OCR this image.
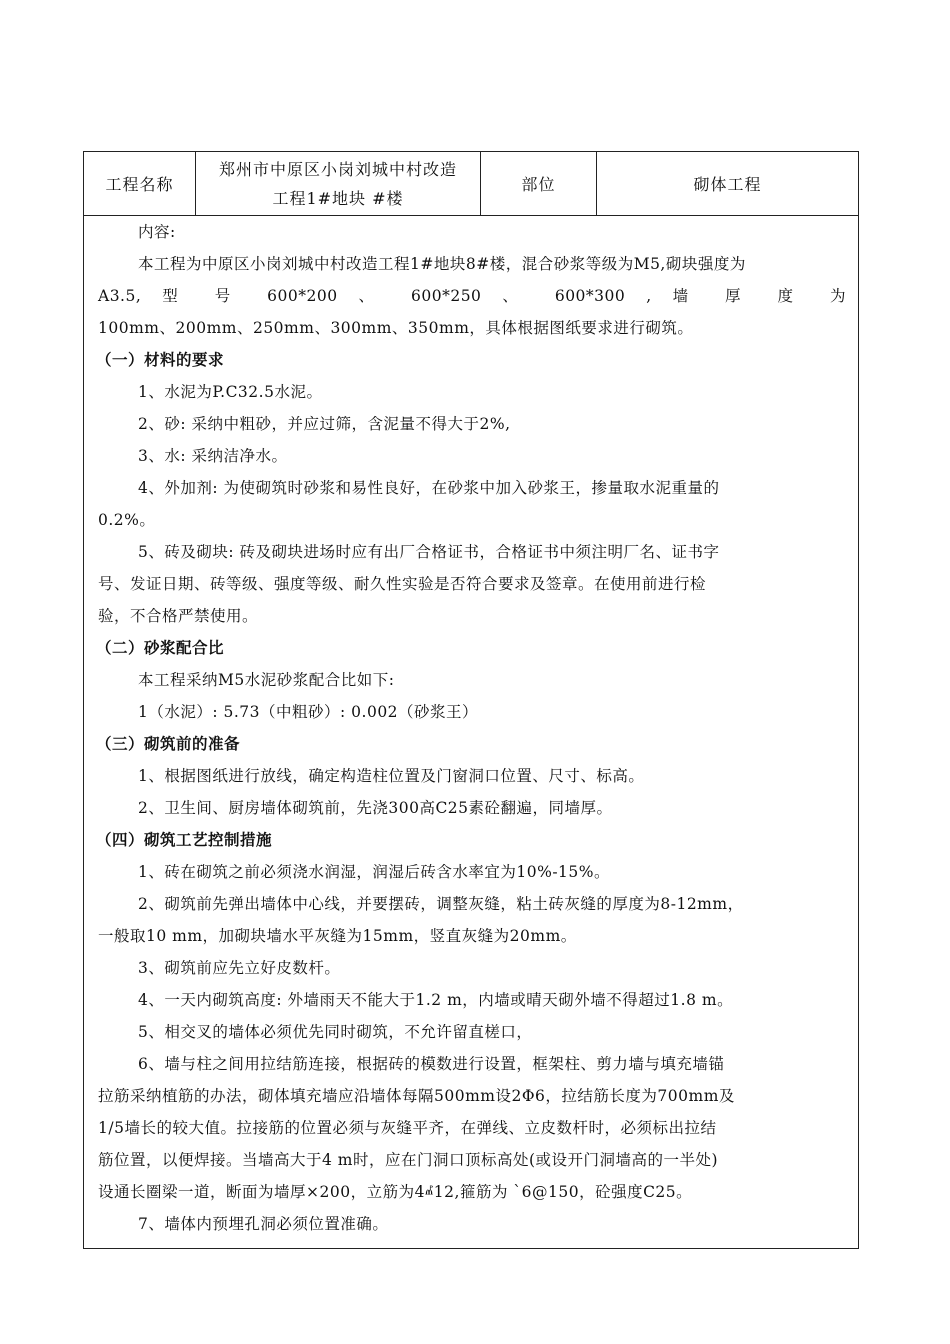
工程名称
郑州市中原区小岗刘城中村改造
工程1#地块 #楼
部位	砌体工程
内容:
本工程为中原区小岗刘城中村改造工程1#地块8#楼，混合砂浆等级为M5,砌块强度为
A3.5, 型 号 600*200 、 600*250 、 600*300 , 墙 厚 度 为
100mm、200mm、250mm、300mm、350mm，具体根据图纸要求进行砌筑。
（一）材料的要求
1、水泥为P.C32.5水泥。
2、砂: 采纳中粗砂，并应过筛，含泥量不得大于2%,
3、水: 采纳洁净水。
4、外加剂: 为使砌筑时砂浆和易性良好，在砂浆中加入砂浆王，掺量取水泥重量的
0.2%。
5、砖及砌块: 砖及砌块进场时应有出厂合格证书，合格证书中须注明厂名、证书字
号、发证日期、砖等级、强度等级、耐久性实验是否符合要求及签章。在使用前进行检
验，不合格严禁使用。
（二）砂浆配合比
本工程采纳M5水泥砂浆配合比如下:
1（水泥）: 5.73（中粗砂）: 0.002（砂浆王）
（三）砌筑前的准备
1、根据图纸进行放线，确定构造柱位置及门窗洞口位置、尺寸、标高。
2、卫生间、厨房墙体砌筑前，先浇300高C25素砼翻遍，同墙厚。
（四）砌筑工艺控制措施
1、砖在砌筑之前必须浇水润湿，润湿后砖含水率宜为10%-15%。
2、砌筑前先弹出墙体中心线，并要摆砖，调整灰缝，粘土砖灰缝的厚度为8-12mm，
一般取10 mm，加砌块墙水平灰缝为15mm，竖直灰缝为20mm。
3、砌筑前应先立好皮数杆。
4、一天内砌筑高度: 外墙雨天不能大于1.2 m，内墙或晴天砌外墙不得超过1.8 m。
5、相交叉的墙体必须优先同时砌筑，不允许留直槎口，
6、墙与柱之间用拉结筋连接，根据砖的模数进行设置，框架柱、剪力墙与填充墙锚
拉筋采纳植筋的办法，砌体填充墙应沿墙体每隔500mm设2Φ6，拉结筋长度为700mm及
1/5墙长的较大值。拉接筋的位置必须与灰缝平齐，在弹线、立皮数杆时，必须标出拉结
筋位置，以便焊接。当墙高大于4 m时，应在门洞口顶标高处(或设开门洞墙高的一半处)
设通长圈梁一道，断面为墙厚×200，立筋为4ⰼ12,箍筋为 ˋ6@150，砼强度C25。
7、墙体内预埋孔洞必须位置准确。
